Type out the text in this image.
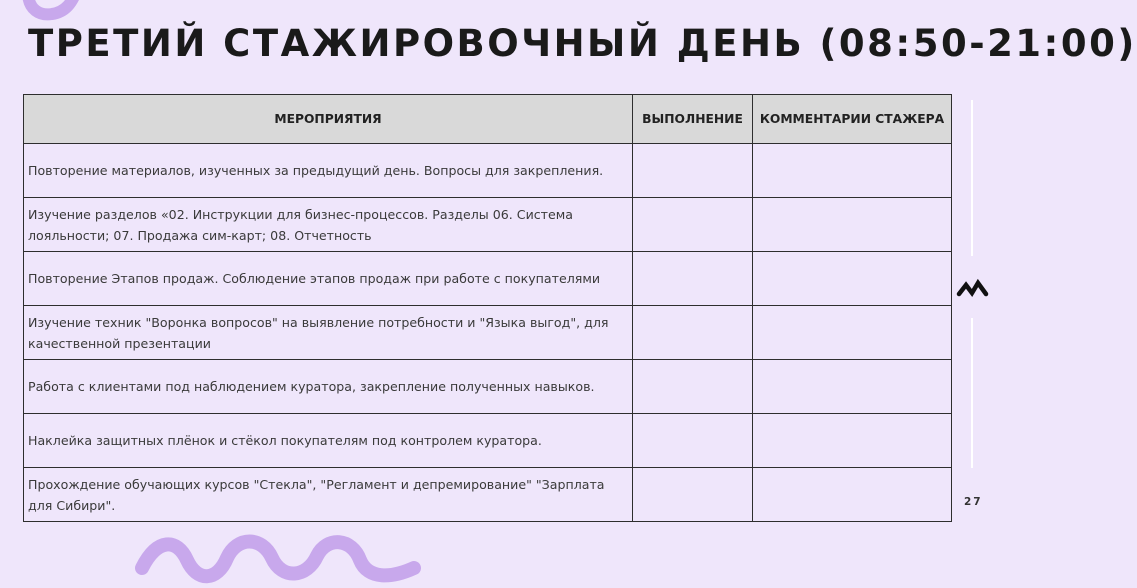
ТРЕТИЙ СТАЖИРОВОЧНЫЙ ДЕНЬ (08:50-21:00)
МЕРОПРИЯТИЯ	ВЫПОЛНЕНИЕ	КОММЕНТАРИИ СТАЖЕРА
Повторение материалов, изученных за предыдущий день. Вопросы для закрепления.		
Изучение разделов «02. Инструкции для бизнес-процессов. Разделы 06. Система лояльности; 07. Продажа сим-карт; 08. Отчетность		
Повторение Этапов продаж. Соблюдение этапов продаж при работе с покупателями		
Изучение техник "Воронка вопросов" на выявление потребности и "Языка выгод", для качественной презентации		
Работа с клиентами под наблюдением куратора, закрепление полученных навыков.		
Наклейка защитных плёнок и стёкол покупателям под контролем куратора.		
Прохождение обучающих курсов "Стекла", "Регламент и депремирование" "Зарплата для Сибири".			27
